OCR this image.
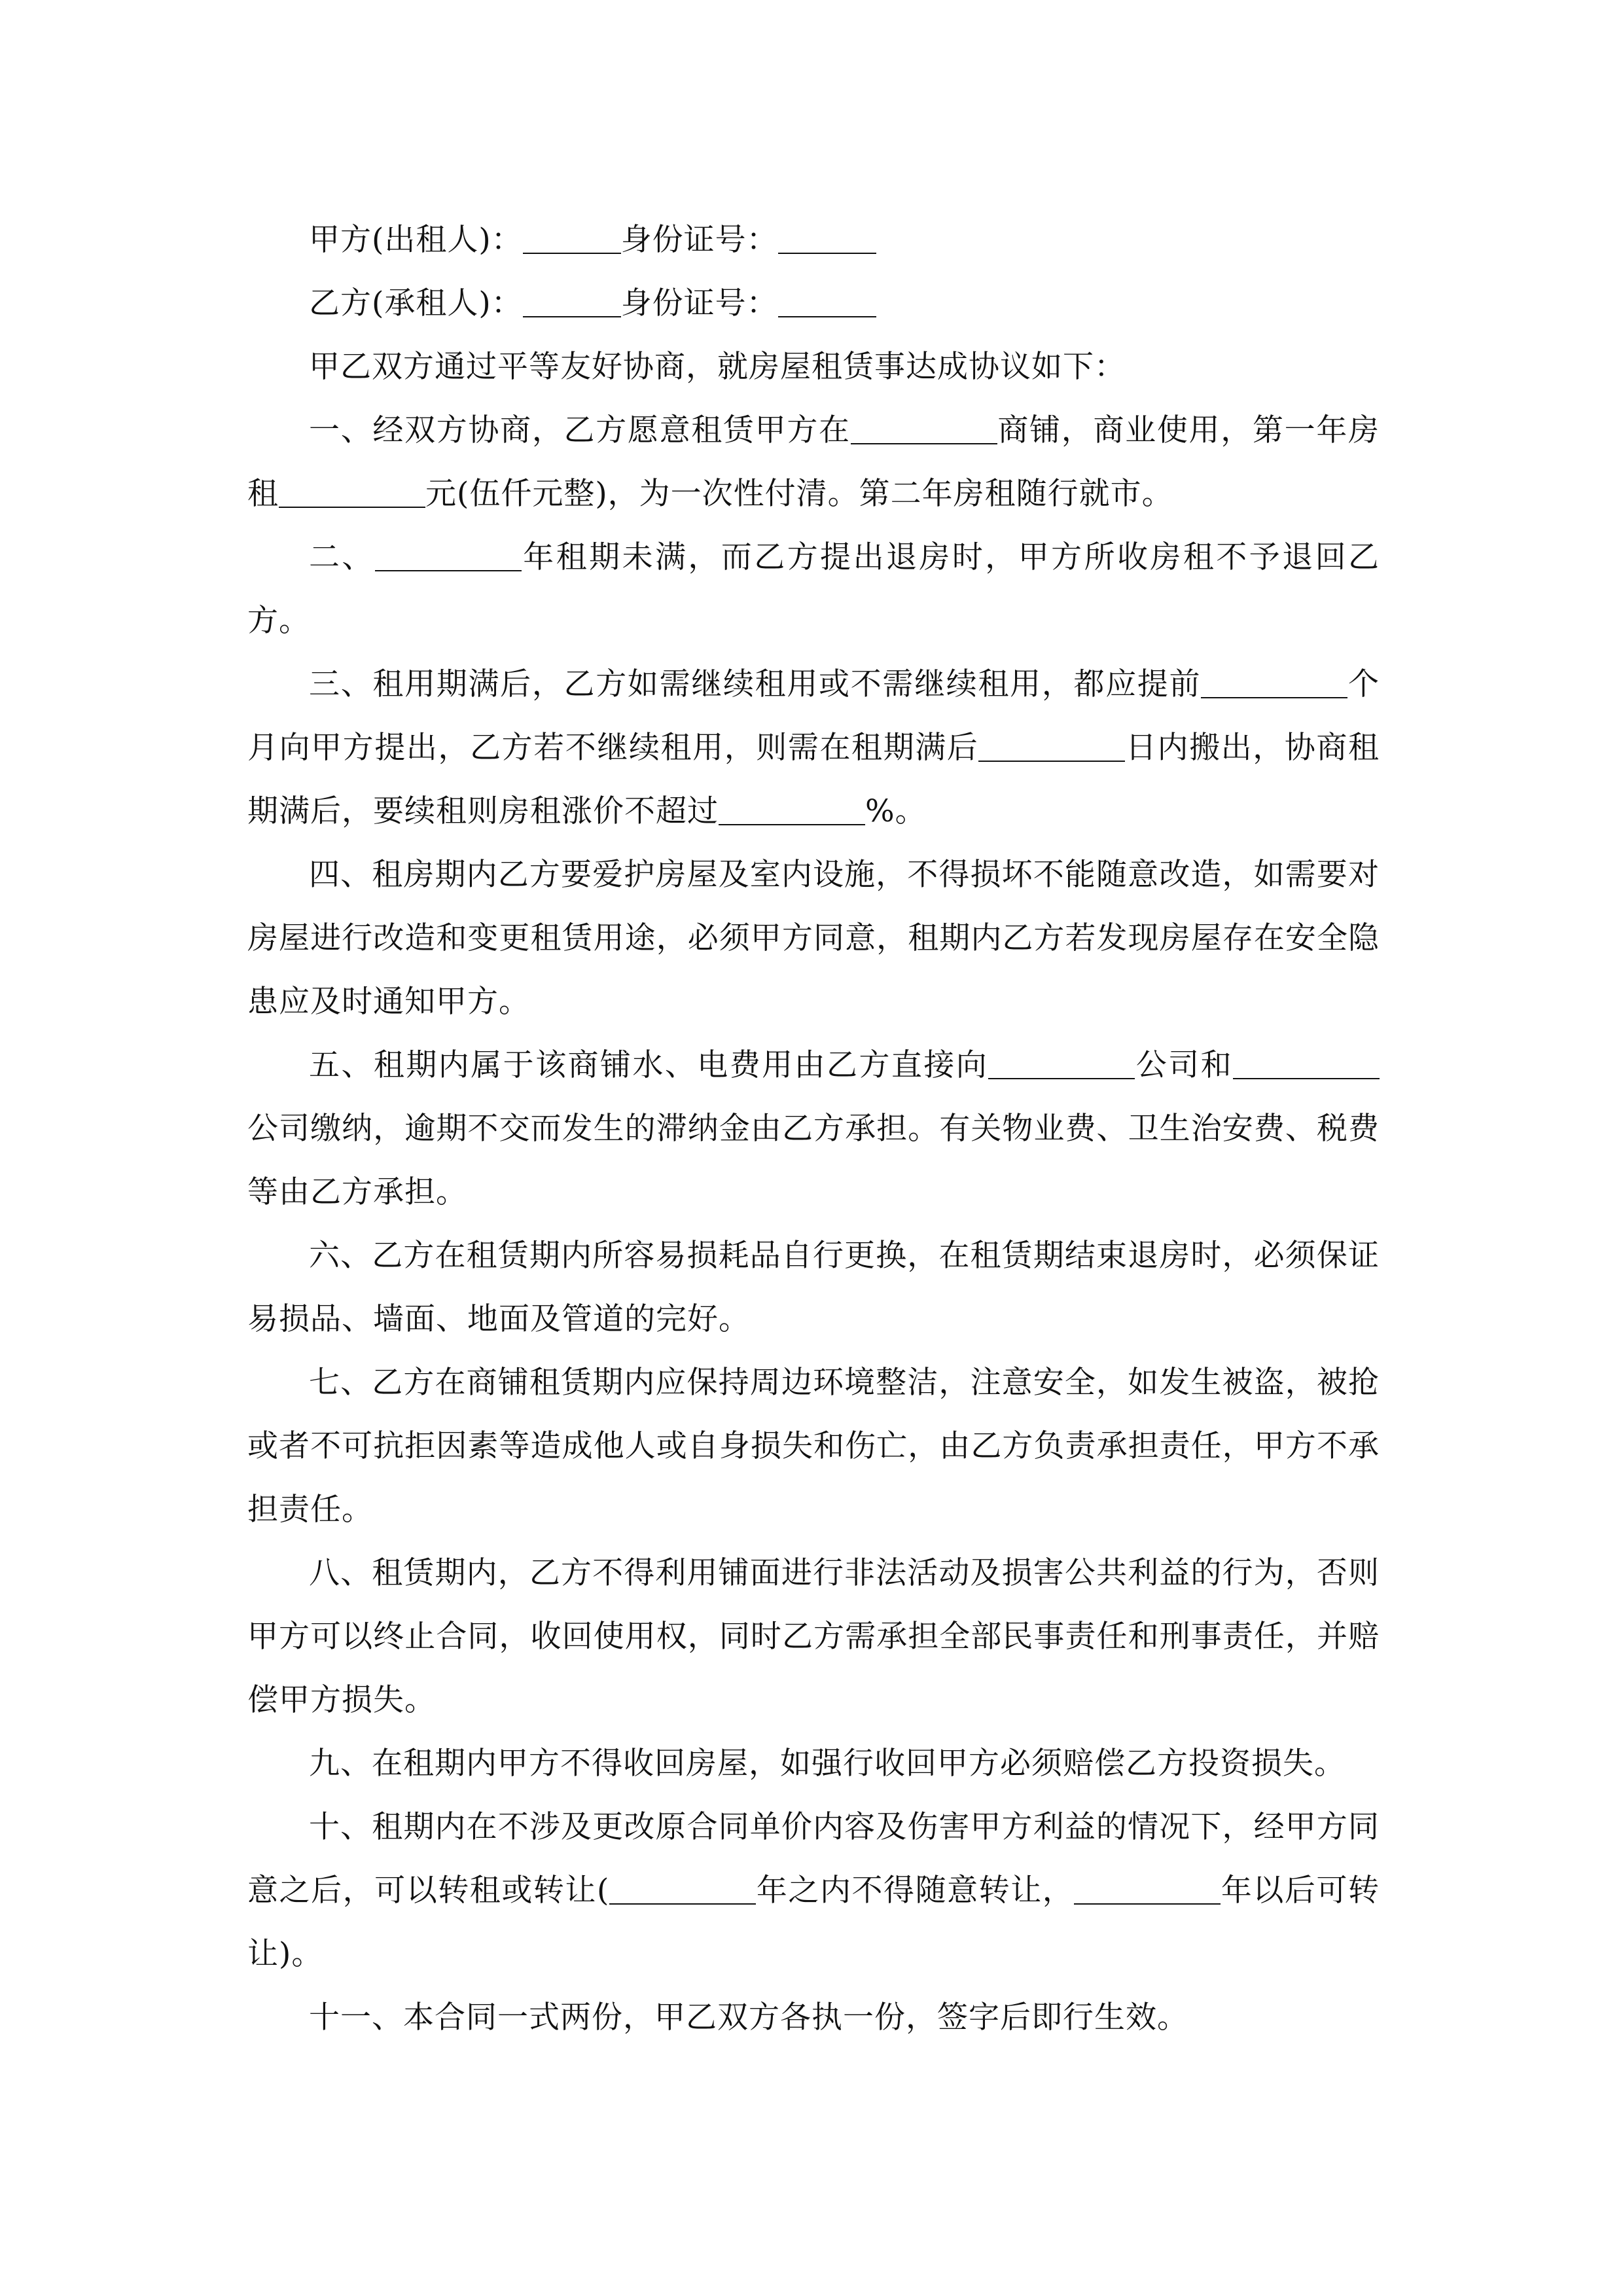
甲方(出租人)：	身份证号：

乙方(承租人)：	身份证号：

甲乙双方通过平等友好协商，就房屋租赁事达成协议如下：

一、经双方协商，乙方愿意租赁甲方在	商铺，商业使用，第一年房租	元(伍仟元整)，为一次性付清。第二年房租随行就市。

二、	年租期未满，而乙方提出退房时，甲方所收房租不予退回乙方。

三、租用期满后，乙方如需继续租用或不需继续租用，都应提前	个月向甲方提出，乙方若不继续租用，则需在租期满后	日内搬出，协商租期满后，要续租则房租涨价不超过	%。

四、租房期内乙方要爱护房屋及室内设施，不得损坏不能随意改造，如需要对房屋进行改造和变更租赁用途，必须甲方同意，租期内乙方若发现房屋存在安全隐患应及时通知甲方。

五、租期内属于该商铺水、电费用由乙方直接向	公司和公司缴纳，逾期不交而发生的滞纳金由乙方承担。有关物业费、卫生治安费、税费等由乙方承担。

六、乙方在租赁期内所容易损耗品自行更换，在租赁期结束退房时，必须保证易损品、墙面、地面及管道的完好。

七、乙方在商铺租赁期内应保持周边环境整洁，注意安全，如发生被盗，被抢或者不可抗拒因素等造成他人或自身损失和伤亡，由乙方负责承担责任，甲方不承担责任。

八、租赁期内，乙方不得利用铺面进行非法活动及损害公共利益的行为，否则甲方可以终止合同，收回使用权，同时乙方需承担全部民事责任和刑事责任，并赔偿甲方损失。

九、在租期内甲方不得收回房屋，如强行收回甲方必须赔偿乙方投资损失。

十、租期内在不涉及更改原合同单价内容及伤害甲方利益的情况下，经甲方同意之后，可以转租或转让(	年之内不得随意转让，	年以后可转让)。

十一、本合同一式两份，甲乙双方各执一份，签字后即行生效。
